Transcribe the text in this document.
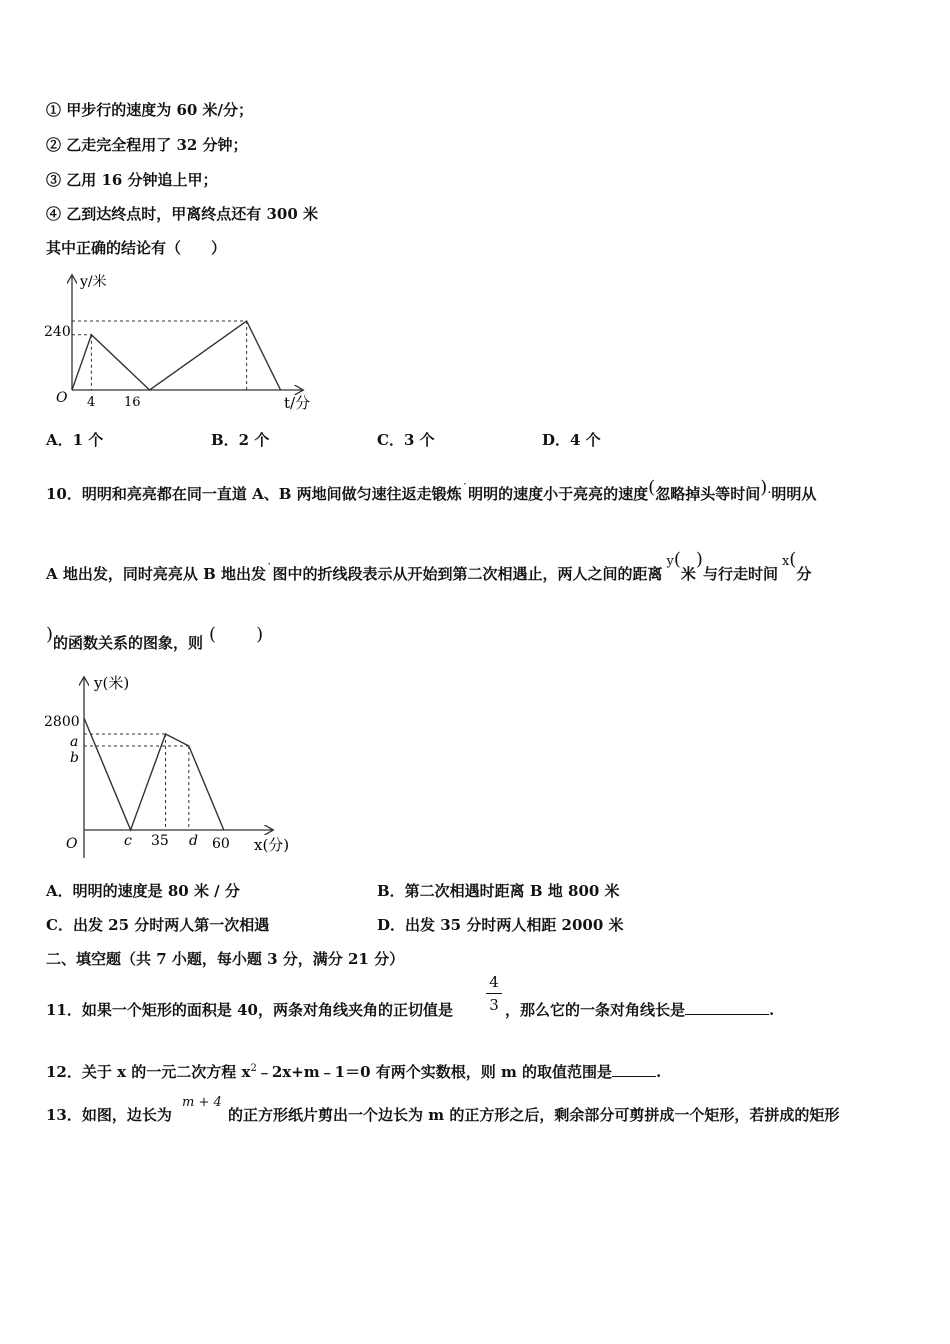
① 甲步行的速度为 60 米/分；
② 乙走完全程用了 32 分钟；
③ 乙用 16 分钟追上甲；
④ 乙到达终点时，甲离终点还有 300 米
其中正确的结论有（　　）
y/米
t/分
O
240
4 16
A．1 个	B．2 个	C．3 个	D．4 个
10．明明和亮亮都在同一直道 A、B 两地间做匀速往返走锻炼˙明明的速度小于亮亮的速度(忽略掉头等时间).明明从
A 地出发，同时亮亮从 B 地出发˙图中的折线段表示从开始到第二次相遇止，两人之间的距离y(米)与行走时间x(分
)的函数关系的图象，则 ( )
y(米)
x(分)
O
2800
a
b
c 35 d 60
A．明明的速度是 80 米 / 分	B．第二次相遇时距离 B 地 800 米
C．出发 25 分时两人第一次相遇	D．出发 35 分时两人相距 2000 米
二、填空题（共 7 小题，每小题 3 分，满分 21 分）
11．如果一个矩形的面积是 40，两条对角线夹角的正切值是
4
3 ，那么它的一条对角线长是	.
12．关于 x 的一元二次方程 $x^2﹣2x+m﹣1=0$ 有两个实数根，则 m 的取值范围是	.
13．如图，边长为
m + 4
的正方形纸片剪出一个边长为 m 的正方形之后，剩余部分可剪拼成一个矩形，若拼成的矩形
